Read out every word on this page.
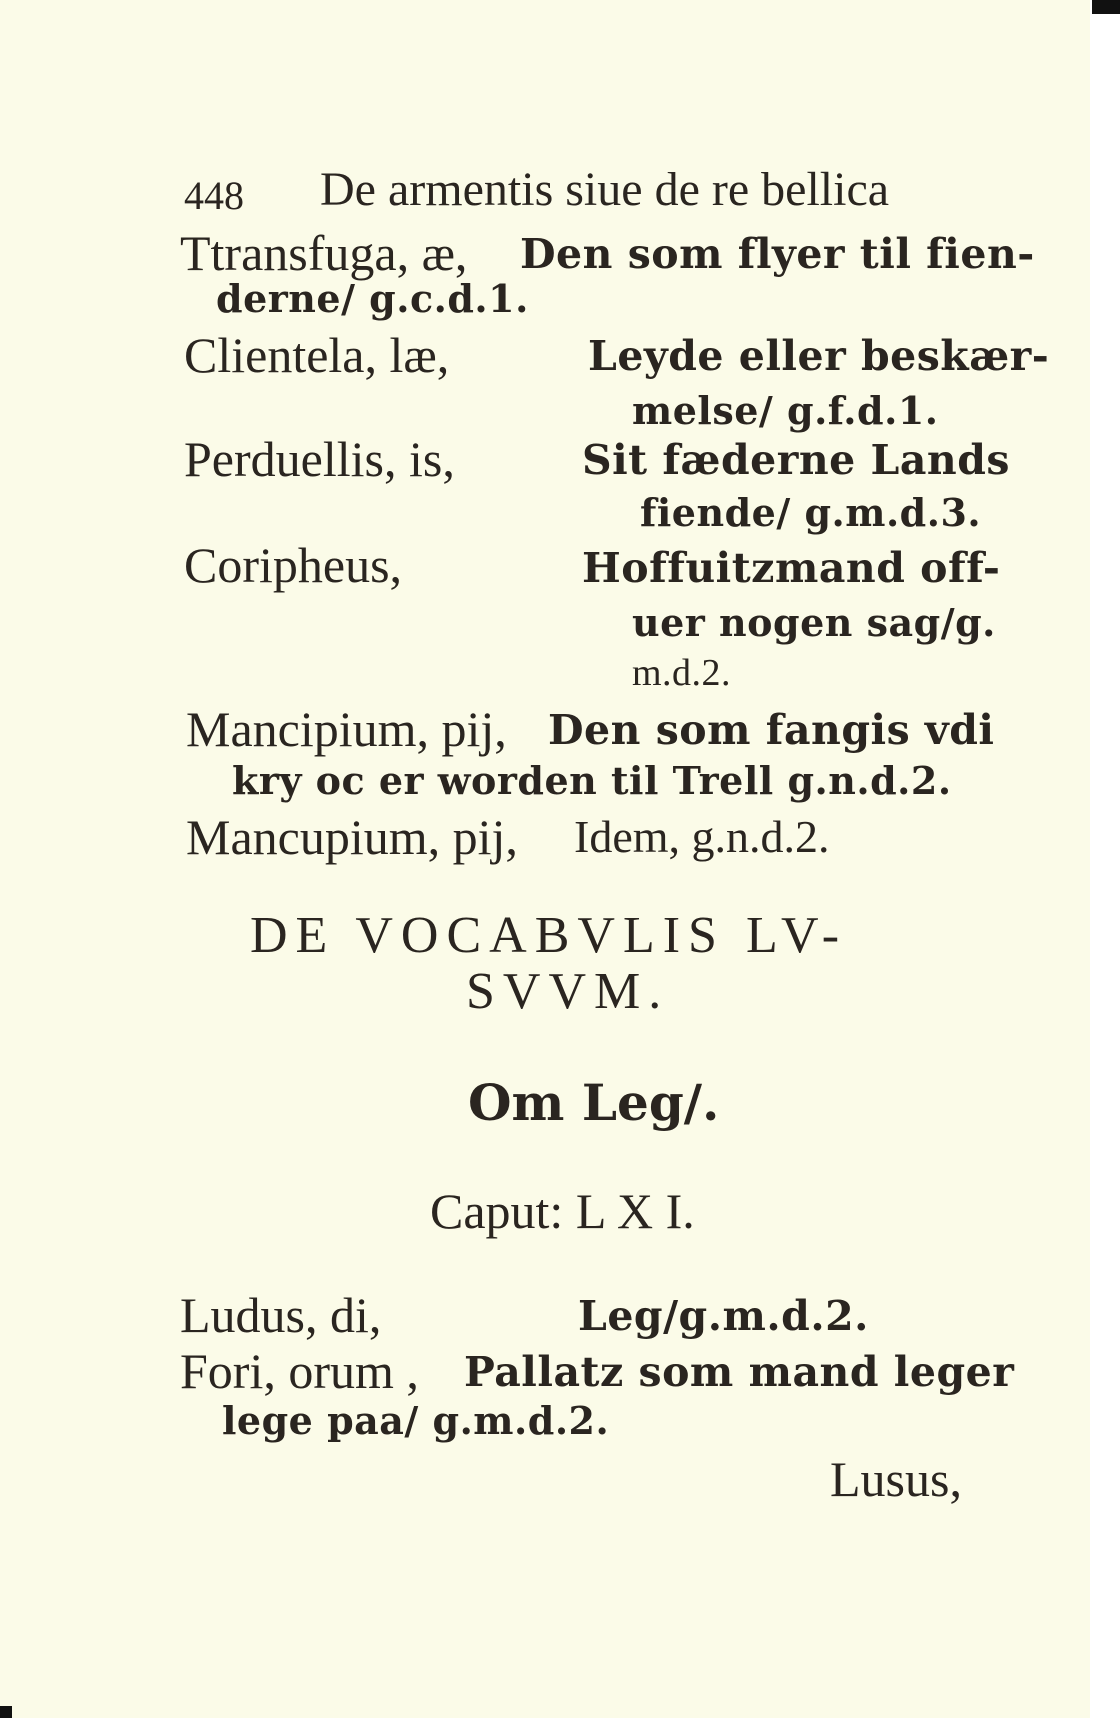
448 De armentis siue de re bellica
Ttransfuga, æ, Den som flyer til fien-
derne/ g.c.d.1.
Clientela, læ,	Leyde eller beskær-
melse/ g.f.d.1.
Perduellis, is,	Sit fæderne Lands
fiende/ g.m.d.3.
Coripheus,	Hoffuitzmand off-
uer nogen sag/g.
m.d.2.
Mancipium, pij, Den som fangis vdi
kry oc er worden til Trell g.n.d.2.
Mancupium, pij, Idem, g.n.d.2.
DE VOCABVLIS LV-
SVVM.
Om Leg/.
Caput: L X I.
Ludus, di,	Leg/g.m.d.2.
Fori, orum , Pallatz som mand leger
lege paa/ g.m.d.2.
Lusus,
